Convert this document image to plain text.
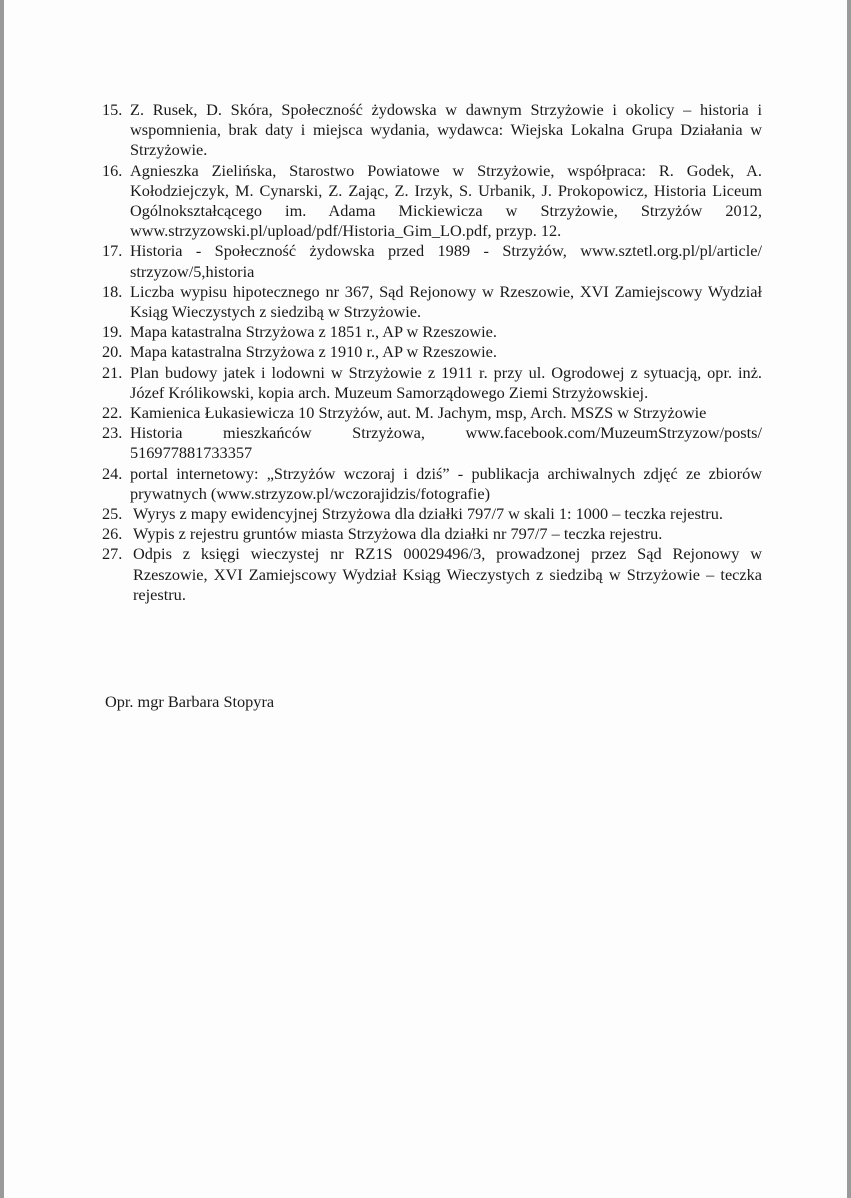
15. Z. Rusek, D. Skóra, Społeczność żydowska w dawnym Strzyżowie i okolicy – historia i wspomnienia, brak daty i miejsca wydania, wydawca: Wiejska Lokalna Grupa Działania w Strzyżowie.
16. Agnieszka Zielińska, Starostwo Powiatowe w Strzyżowie, współpraca: R. Godek, A. Kołodziejczyk, M. Cynarski, Z. Zając, Z. Irzyk, S. Urbanik, J. Prokopowicz, Historia Liceum Ogólnokształcącego im. Adama Mickiewicza w Strzyżowie, Strzyżów 2012, www.strzyzowski.pl/upload/pdf/Historia_Gim_LO.pdf, przyp. 12.
17. Historia - Społeczność żydowska przed 1989 - Strzyżów, www.sztetl.org.pl/pl/article/ strzyzow/5,historia
18. Liczba wypisu hipotecznego nr 367, Sąd Rejonowy w Rzeszowie, XVI Zamiejscowy Wydział Ksiąg Wieczystych z siedzibą w Strzyżowie.
19. Mapa katastralna Strzyżowa z 1851 r., AP w Rzeszowie.
20. Mapa katastralna Strzyżowa z 1910 r., AP w Rzeszowie.
21. Plan budowy jatek i lodowni w Strzyżowie z 1911 r. przy ul. Ogrodowej z sytuacją, opr. inż. Józef Królikowski, kopia arch. Muzeum Samorządowego Ziemi Strzyżowskiej.
22. Kamienica Łukasiewicza 10 Strzyżów, aut. M. Jachym, msp, Arch. MSZS w Strzyżowie
23. Historia mieszkańców Strzyżowa, www.facebook.com/MuzeumStrzyzow/posts/ 516977881733357
24. portal internetowy: „Strzyżów wczoraj i dziś” - publikacja archiwalnych zdjęć ze zbiorów prywatnych (www.strzyzow.pl/wczorajidzis/fotografie)
25. Wyrys z mapy ewidencyjnej Strzyżowa dla działki 797/7 w skali 1: 1000 – teczka rejestru.
26. Wypis z rejestru gruntów miasta Strzyżowa dla działki nr 797/7 – teczka rejestru.
27. Odpis z księgi wieczystej nr RZ1S 00029496/3, prowadzonej przez Sąd Rejonowy w Rzeszowie, XVI Zamiejscowy Wydział Ksiąg Wieczystych z siedzibą w Strzyżowie – teczka rejestru.
Opr. mgr Barbara Stopyra
